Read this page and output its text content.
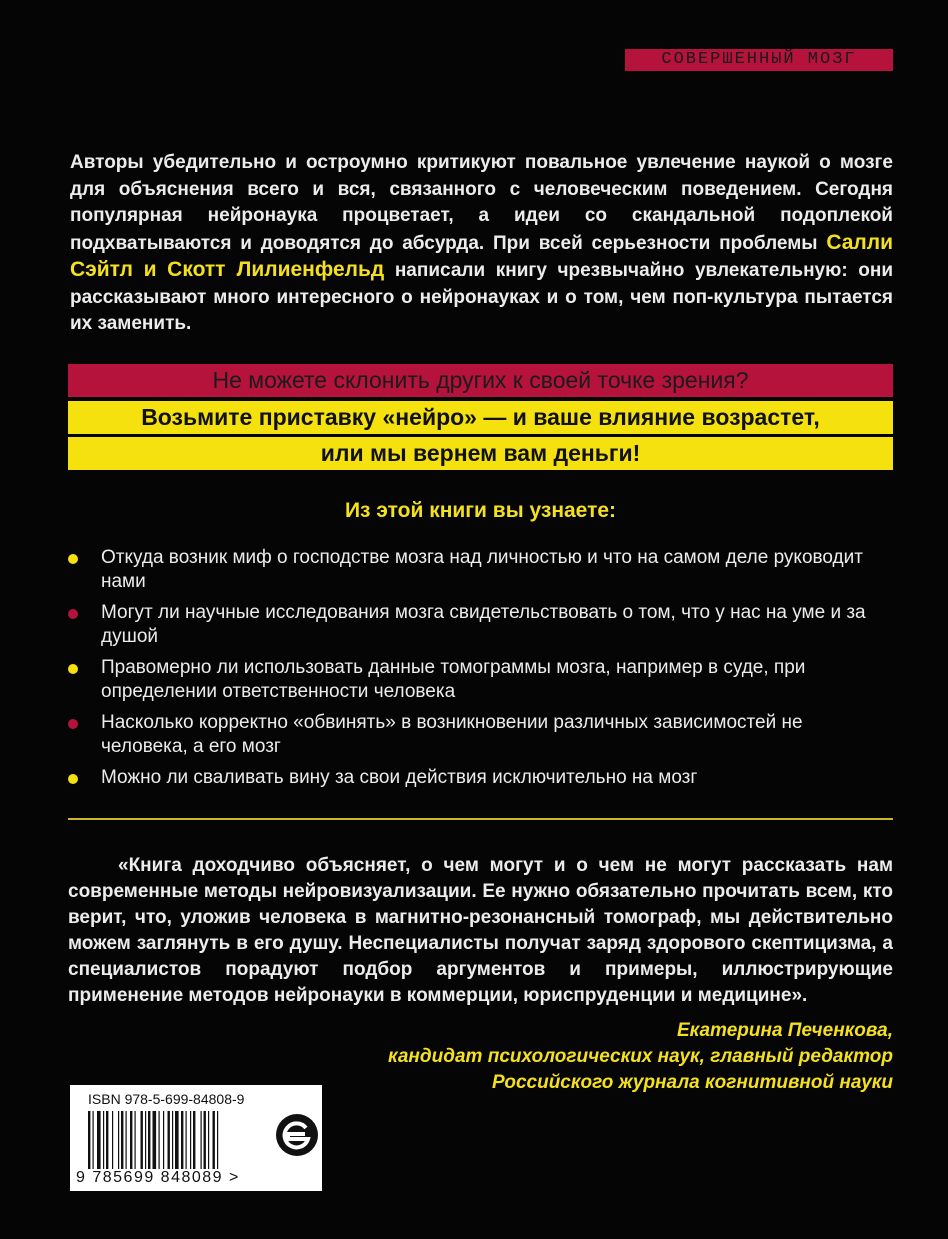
СОВЕРШЕННЫЙ МОЗГ
Авторы убедительно и остроумно критикуют повальное увлечение наукой о мозге для объяснения всего и вся, связанного с человеческим поведением. Сегодня популярная нейронаука процветает, а идеи со скандальной подоплекой подхватываются и доводятся до абсурда. При всей серьезности проблемы Салли Сэйтл и Скотт Лилиенфельд написали книгу чрезвычайно увлекательную: они рассказывают много интересного о нейронауках и о том, чем поп-культура пытается их заменить.
Не можете склонить других к своей точке зрения?
Возьмите приставку «нейро» — и ваше влияние возрастет,
или мы вернем вам деньги!
Из этой книги вы узнаете:
Откуда возник миф о господстве мозга над личностью и что на самом деле руководит нами
Могут ли научные исследования мозга свидетельствовать о том, что у нас на уме и за душой
Правомерно ли использовать данные томограммы мозга, например в суде, при определении ответственности человека
Насколько корректно «обвинять» в возникновении различных зависимостей не человека, а его мозг
Можно ли сваливать вину за свои действия исключительно на мозг
«Книга доходчиво объясняет, о чем могут и о чем не могут рассказать нам современные методы нейровизуализации. Ее нужно обязательно прочитать всем, кто верит, что, уложив человека в магнитно-резонансный томограф, мы действительно можем заглянуть в его душу. Неспециалисты получат заряд здорового скептицизма, а специалистов порадуют подбор аргументов и примеры, иллюстрирующие применение методов нейронауки в коммерции, юриспруденции и медицине».
Екатерина Печенкова,
кандидат психологических наук, главный редактор
Российского журнала когнитивной науки
ISBN 978-5-699-84808-9
9 785699 848089 >
